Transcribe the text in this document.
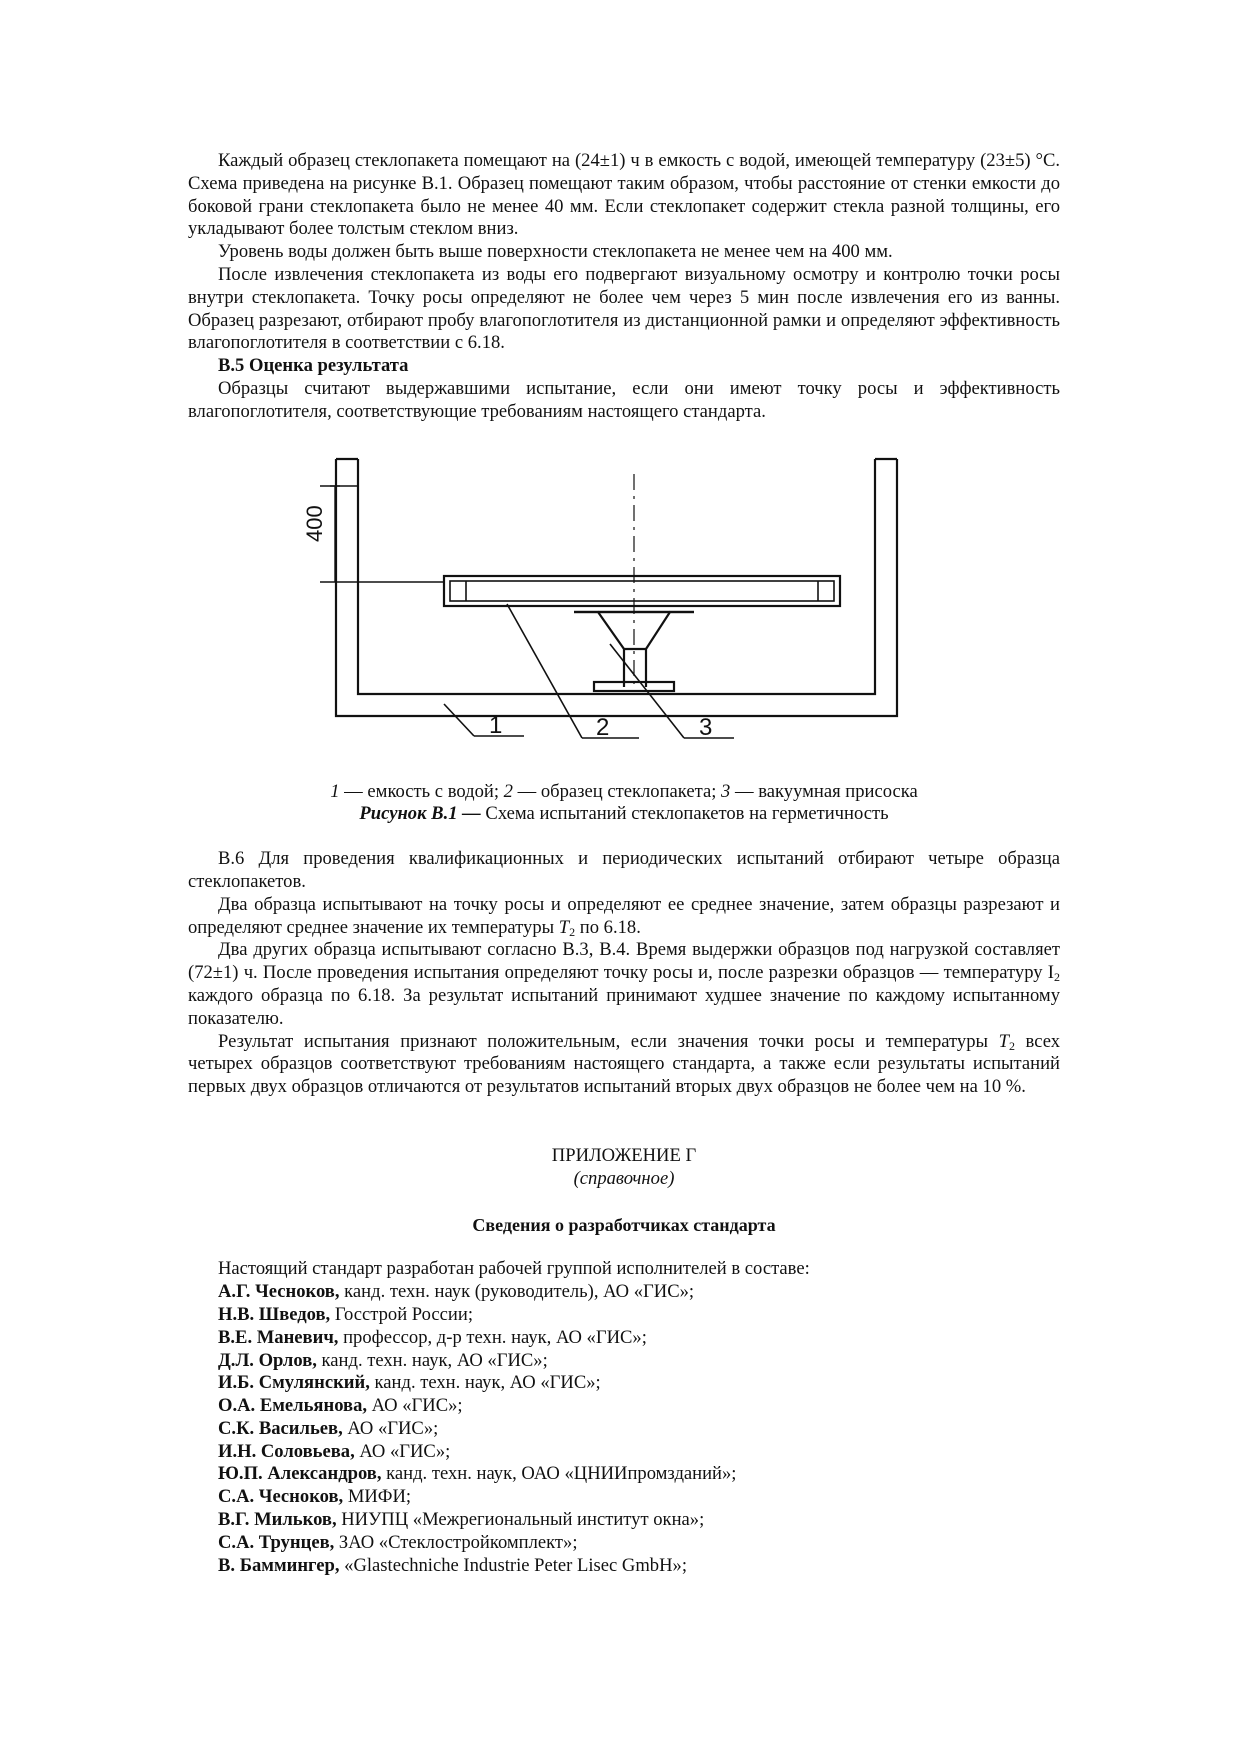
Каждый образец стеклопакета помещают на (24±1) ч в емкость с водой, имеющей температуру (23±5) °С. Схема приведена на рисунке В.1. Образец помещают таким образом, чтобы расстояние от стенки емкости до боковой грани стеклопакета было не менее 40 мм. Если стеклопакет содержит стекла разной толщины, его укладывают более толстым стеклом вниз.

Уровень воды должен быть выше поверхности стеклопакета не менее чем на 400 мм.

После извлечения стеклопакета из воды его подвергают визуальному осмотру и контролю точки росы внутри стеклопакета. Точку росы определяют не более чем через 5 мин после извлечения его из ванны. Образец разрезают, отбирают пробу влагопоглотителя из дистанционной рамки и определяют эффективность влагопоглотителя в соответствии с 6.18.

В.5 Оценка результата

Образцы считают выдержавшими испытание, если они имеют точку росы и эффективность влагопоглотителя, соответствующие требованиям настоящего стандарта.

400
1	2	3

1 — емкость с водой; 2 — образец стеклопакета; 3 — вакуумная присоска

Рисунок В.1 — Схема испытаний стеклопакетов на герметичность

В.6 Для проведения квалификационных и периодических испытаний отбирают четыре образца стеклопакетов.

Два образца испытывают на точку росы и определяют ее среднее значение, затем образцы разрезают и определяют среднее значение их температуры $T_2$ по 6.18.

Два других образца испытывают согласно В.3, В.4. Время выдержки образцов под нагрузкой составляет (72±1) ч. После проведения испытания определяют точку росы и, после разрезки образцов — температуру $I_2$ каждого образца по 6.18. За результат испытаний принимают худшее значение по каждому испытанному показателю.

Результат испытания признают положительным, если значения точки росы и температуры $T_2$ всех четырех образцов соответствуют требованиям настоящего стандарта, а также если результаты испытаний первых двух образцов отличаются от результатов испытаний вторых двух образцов не более чем на 10 %.

ПРИЛОЖЕНИЕ Г

(справочное)

Сведения о разработчиках стандарта

Настоящий стандарт разработан рабочей группой исполнителей в составе:

А.Г. Чесноков, канд. техн. наук (руководитель), АО «ГИС»;

Н.В. Шведов, Госстрой России;

В.Е. Маневич, профессор, д-р техн. наук, АО «ГИС»;

Д.Л. Орлов, канд. техн. наук, АО «ГИС»;

И.Б. Смулянский, канд. техн. наук, АО «ГИС»;

О.А. Емельянова, АО «ГИС»;

С.К. Васильев, АО «ГИС»;

И.Н. Соловьева, АО «ГИС»;

Ю.П. Александров, канд. техн. наук, ОАО «ЦНИИпромзданий»;

С.А. Чесноков, МИФИ;

В.Г. Мильков, НИУПЦ «Межрегиональный институт окна»;

С.А. Трунцев, ЗАО «Стеклостройкомплект»;

В. Баммингер, «Glastechniche Industrie Peter Lisec GmbH»;
